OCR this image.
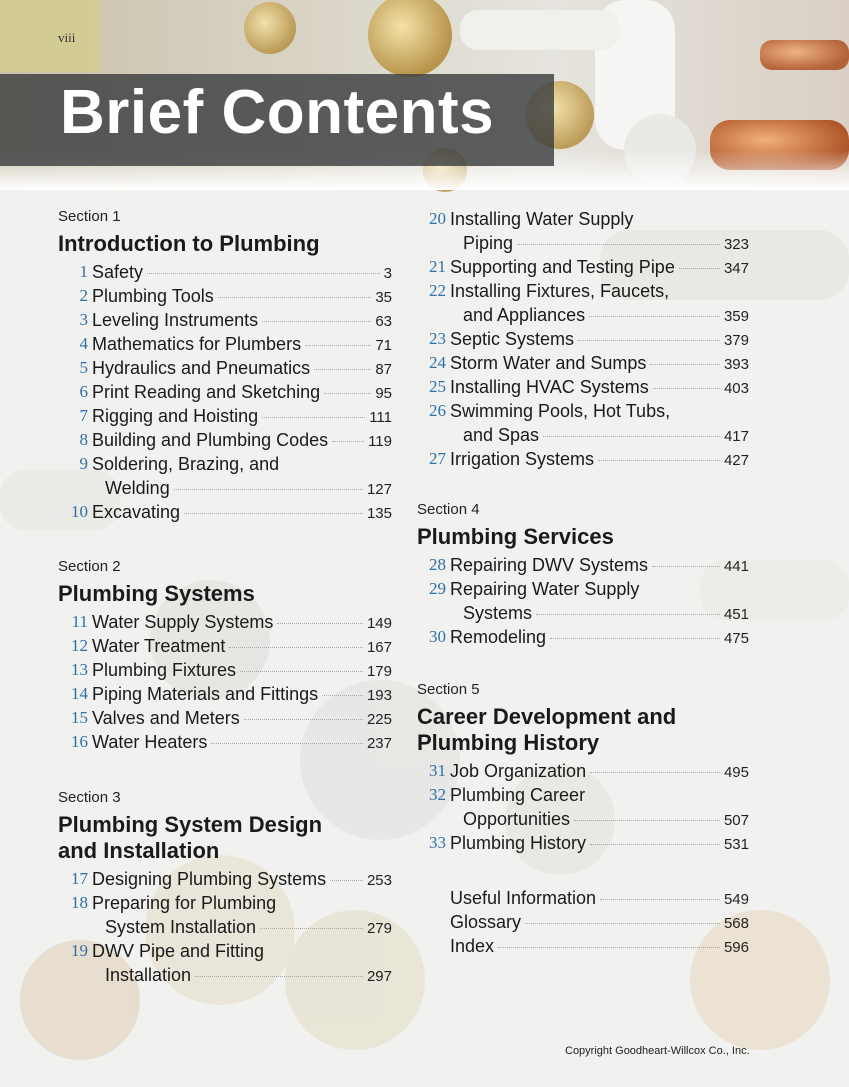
viii
Brief Contents
Section 1
Introduction to Plumbing
1 Safety	3
2 Plumbing Tools	35
3 Leveling Instruments	63
4 Mathematics for Plumbers	71
5 Hydraulics and Pneumatics	87
6 Print Reading and Sketching	95
7 Rigging and Hoisting	111
8 Building and Plumbing Codes	119
9 Soldering, Brazing, and
Welding	127
10 Excavating	135
Section 2
Plumbing Systems
11 Water Supply Systems	149
12 Water Treatment	167
13 Plumbing Fixtures	179
14 Piping Materials and Fittings	193
15 Valves and Meters	225
16 Water Heaters	237
Section 3
Plumbing System Design
and Installation
17 Designing Plumbing Systems	253
18 Preparing for Plumbing
System Installation	279
19 DWV Pipe and Fitting
Installation	297
20 Installing Water Supply
Piping	323
21 Supporting and Testing Pipe	347
22 Installing Fixtures, Faucets,
and Appliances	359
23 Septic Systems	379
24 Storm Water and Sumps	393
25 Installing HVAC Systems	403
26 Swimming Pools, Hot Tubs,
and Spas	417
27 Irrigation Systems	427
Section 4
Plumbing Services
28 Repairing DWV Systems	441
29 Repairing Water Supply
Systems	451
30 Remodeling	475
Section 5
Career Development and
Plumbing History
31 Job Organization	495
32 Plumbing Career
Opportunities	507
33 Plumbing History	531
Useful Information	549
Glossary	568
Index	596
Copyright Goodheart-Willcox Co., Inc.
